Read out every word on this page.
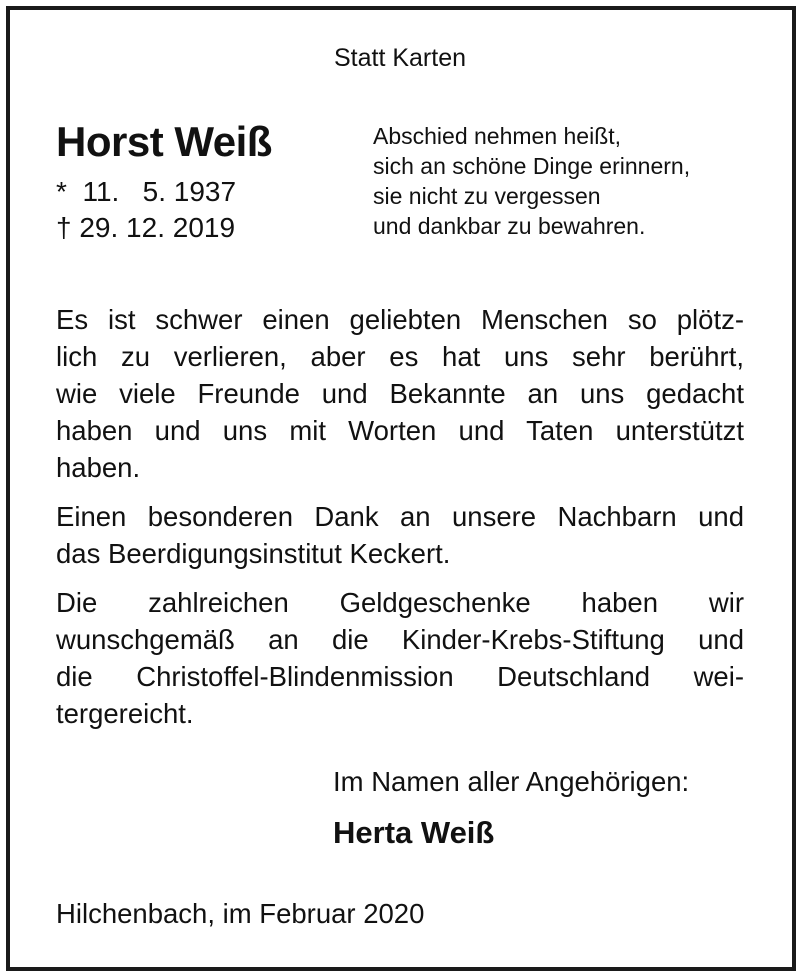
Statt Karten
Horst Weiß
*  11.   5. 1937
† 29. 12. 2019
Abschied nehmen heißt,
sich an schöne Dinge erinnern,
sie nicht zu vergessen
und dankbar zu bewahren.
Es ist schwer einen geliebten Menschen so plötz-
lich zu verlieren, aber es hat uns sehr berührt,
wie viele Freunde und Bekannte an uns gedacht
haben und uns mit Worten und Taten unterstützt
haben.
Einen besonderen Dank an unsere Nachbarn und
das Beerdigungsinstitut Keckert.
Die zahlreichen Geldgeschenke haben wir
wunschgemäß an die Kinder-Krebs-Stiftung und
die Christoffel-Blindenmission Deutschland wei-
tergereicht.
Im Namen aller Angehörigen:
Herta Weiß
Hilchenbach, im Februar 2020
